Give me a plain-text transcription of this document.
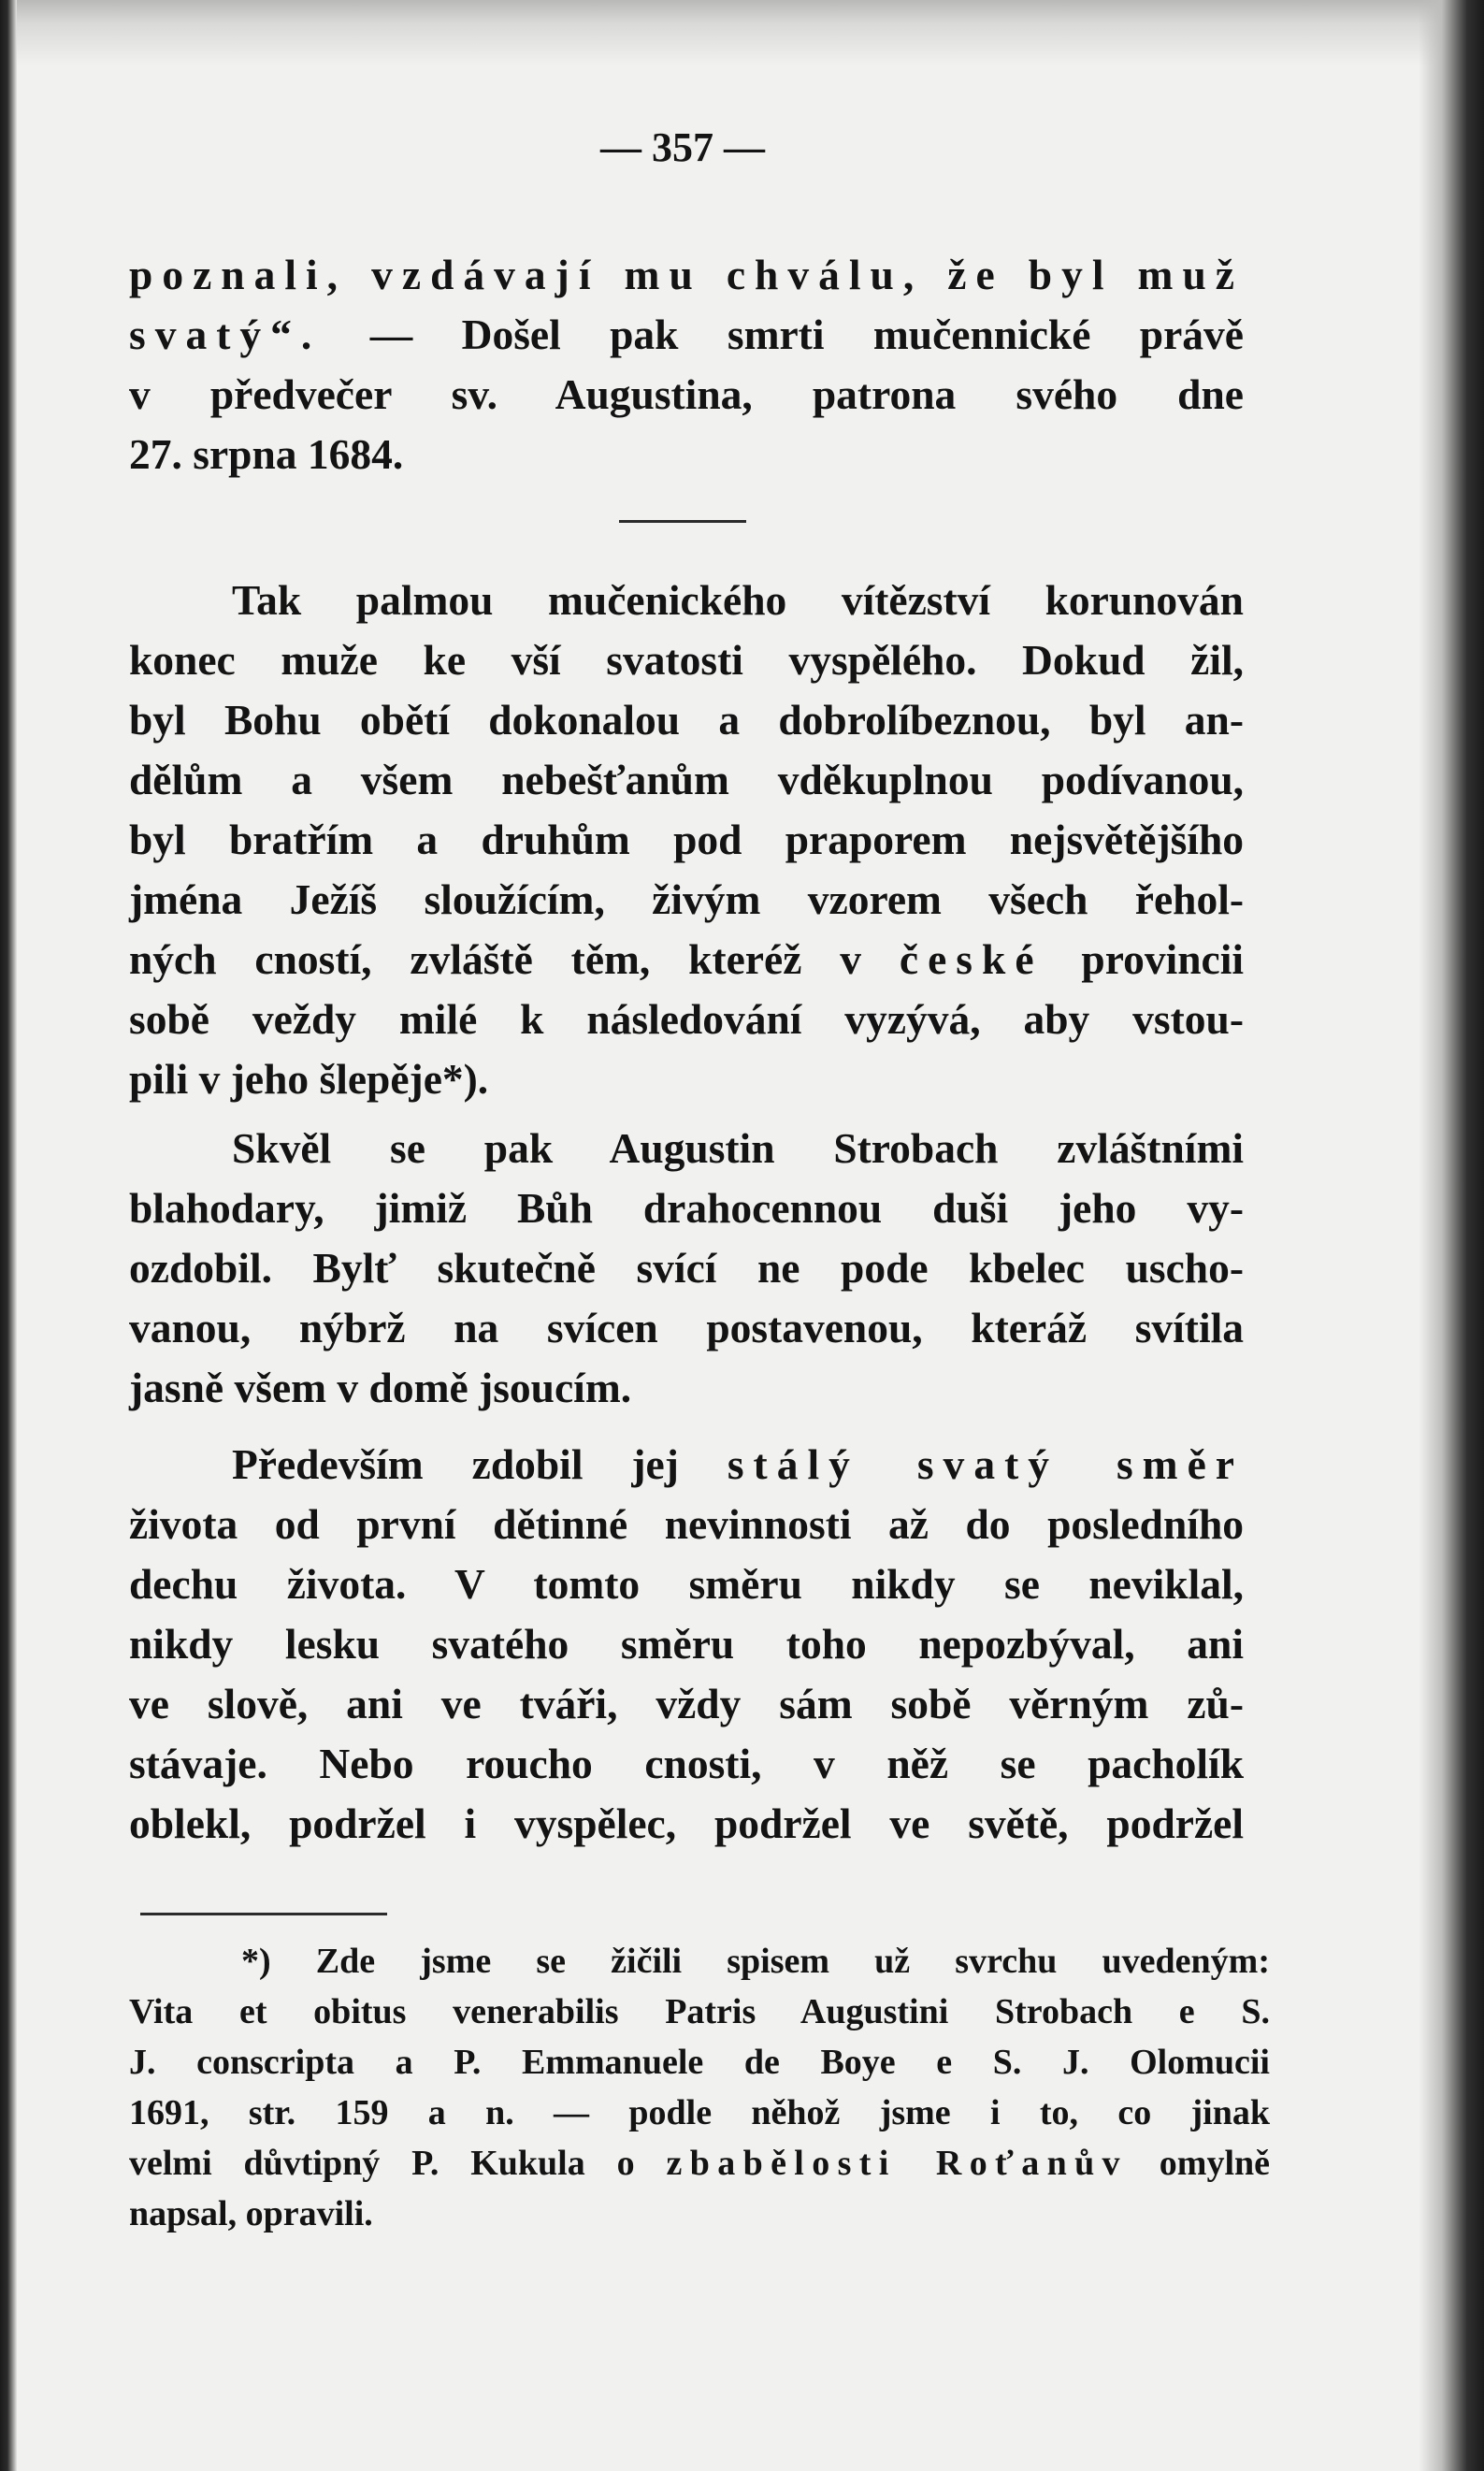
— 357 —
poznali, vzdávají mu chválu, že byl muž
svatý“. — Došel pak smrti mučennické právě
v předvečer sv. Augustina, patrona svého dne
27. srpna 1684.
Tak palmou mučenického vítězství korunován
konec muže ke vší svatosti vyspělého. Dokud žil,
byl Bohu obětí dokonalou a dobrolíbeznou, byl an-
dělům a všem nebešťanům vděkuplnou podívanou,
byl bratřím a druhům pod praporem nejsvětějšího
jména Ježíš sloužícím, živým vzorem všech řehol-
ných cností, zvláště těm, kteréž v české provincii
sobě veždy milé k následování vyzývá, aby vstou-
pili v jeho šlepěje*).
Skvěl se pak Augustin Strobach zvláštními
blahodary, jimiž Bůh drahocennou duši jeho vy-
ozdobil. Bylť skutečně svící ne pode kbelec uscho-
vanou, nýbrž na svícen postavenou, kteráž svítila
jasně všem v domě jsoucím.
Především zdobil jej stálý svatý směr
života od první dětinné nevinnosti až do posledního
dechu života. V tomto směru nikdy se neviklal,
nikdy lesku svatého směru toho nepozbýval, ani
ve slově, ani ve tváři, vždy sám sobě věrným zů-
stávaje. Nebo roucho cnosti, v něž se pacholík
oblekl, podržel i vyspělec, podržel ve světě, podržel
*) Zde jsme se žičili spisem už svrchu uvedeným:
Vita et obitus venerabilis Patris Augustini Strobach e S.
J. conscripta a P. Emmanuele de Boye e S. J. Olomucii
1691, str. 159 a n. — podle něhož jsme i to, co jinak
velmi důvtipný P. Kukula o zbabělosti Roťanův omylně
napsal, opravili.
